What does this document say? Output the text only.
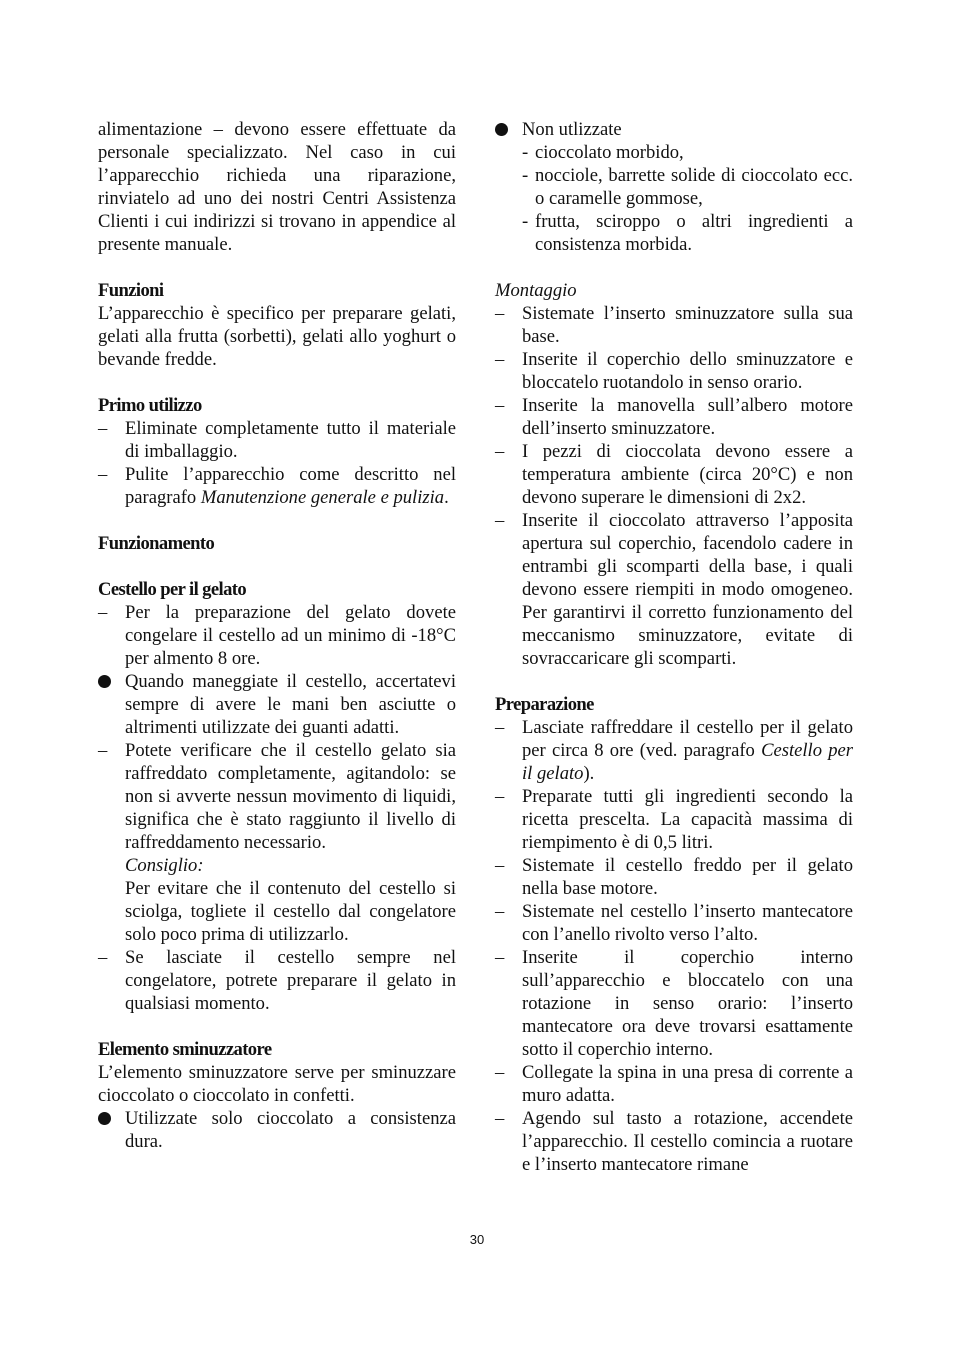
alimentazione – devono essere effettuate da personale specializzato. Nel caso in cui l’apparecchio richieda una riparazione, rinviatelo ad uno dei nostri Centri Assistenza Clienti i cui indirizzi si trovano in appendice al presente manuale.

Funzioni

L’apparecchio è specifico per preparare gelati, gelati alla frutta (sorbetti), gelati allo yoghurt o bevande fredde.

Primo utilizzo

– Eliminate completamente tutto il materiale di imballaggio.
– Pulite l’apparecchio come descritto nel paragrafo Manutenzione generale e pulizia.

Funzionamento

Cestello per il gelato

– Per la preparazione del gelato dovete congelare il cestello ad un minimo di -18°C per almento 8 ore.
Quando maneggiate il cestello, accertatevi sempre di avere le mani ben asciutte o altrimenti utilizzate dei guanti adatti.
– Potete verificare che il cestello gelato sia raffreddato completamente, agitandolo: se non si avverte nessun movimento di liquidi, significa che è stato raggiunto il livello di raffreddamento necessario.

Consiglio:

Per evitare che il contenuto del cestello si sciolga, togliete il cestello dal congelatore solo poco prima di utilizzarlo.

– Se lasciate il cestello sempre nel congelatore, potrete preparare il gelato in qualsiasi momento.

Elemento sminuzzatore

L’elemento sminuzzatore serve per sminuzzare cioccolato o cioccolato in confetti.

Utilizzate solo cioccolato a consistenza dura.
Non utlizzate
- cioccolato morbido,
- nocciole, barrette solide di cioccolato ecc. o caramelle gommose,
- frutta, sciroppo o altri ingredienti a consistenza morbida.

Montaggio

– Sistemate l’inserto sminuzzatore sulla sua base.
– Inserite il coperchio dello sminuzzatore e bloccatelo ruotandolo in senso orario.
– Inserite la manovella sull’albero motore dell’inserto sminuzzatore.
– I pezzi di cioccolata devono essere a temperatura ambiente (circa 20°C) e non devono superare le dimensioni di 2x2.
– Inserite il cioccolato attraverso l’apposita apertura sul coperchio, facendolo cadere in entrambi gli scomparti della base, i quali devono essere riempiti in modo omogeneo. Per garantirvi il corretto funzionamento del meccanismo sminuzzatore, evitate di sovraccaricare gli scomparti.

Preparazione

– Lasciate raffreddare il cestello per il gelato per circa 8 ore (ved. paragrafo Cestello per il gelato).
– Preparate tutti gli ingredienti secondo la ricetta prescelta. La capacità massima di riempimento è di 0,5 litri.
– Sistemate il cestello freddo per il gelato nella base motore.
– Sistemate nel cestello l’inserto mantecatore con l’anello rivolto verso l’alto.
– Inserite il coperchio interno sull’apparecchio e bloccatelo con una rotazione in senso orario: l’inserto mantecatore ora deve trovarsi esattamente sotto il coperchio interno.
– Collegate la spina in una presa di corrente a muro adatta.
– Agendo sul tasto a rotazione, accendete l’apparecchio. Il cestello comincia a ruotare e l’inserto mantecatore rimane
30
